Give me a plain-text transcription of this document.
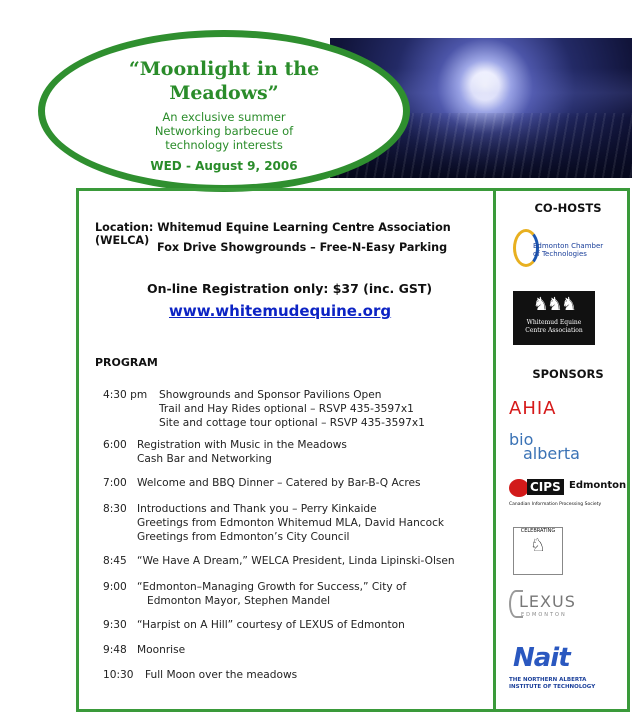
“Moonlight in the
Meadows”
An exclusive summer
Networking barbecue of
technology interests
WED - August 9, 2006
Location: Whitemud Equine Learning Centre Association (WELCA)
Fox Drive Showgrounds – Free-N-Easy Parking
On-line Registration only: $37 (inc. GST)
www.whitemudequine.org
PROGRAM
4:30 pm Showgrounds and Sponsor Pavilions Open
Trail and Hay Rides optional – RSVP 435-3597x1
Site and cottage tour optional – RSVP 435-3597x1
6:00 Registration with Music in the Meadows
Cash Bar and Networking
7:00 Welcome and BBQ Dinner – Catered by Bar-B-Q Acres
8:30 Introductions and Thank you – Perry Kinkaide
Greetings from Edmonton Whitemud MLA, David Hancock
Greetings from Edmonton’s City Council
8:45 “We Have A Dream,” WELCA President, Linda Lipinski-Olsen
9:00 “Edmonton–Managing Growth for Success,” City of
Edmonton Mayor, Stephen Mandel
9:30 “Harpist on A Hill” courtesy of LEXUS of Edmonton
9:48 Moonrise
10:30 Full Moon over the meadows
CO-HOSTS
Edmonton Chamber
of Technologies
♞♞♞
Whitemud Equine
Centre Association
SPONSORS
AHIA
bio
alberta
CIPS Edmonton
Canadian Information Processing Society
CELEBRATING
♘
LEXUS
EDMONTON
Nait
THE NORTHERN ALBERTA
INSTITUTE OF TECHNOLOGY
